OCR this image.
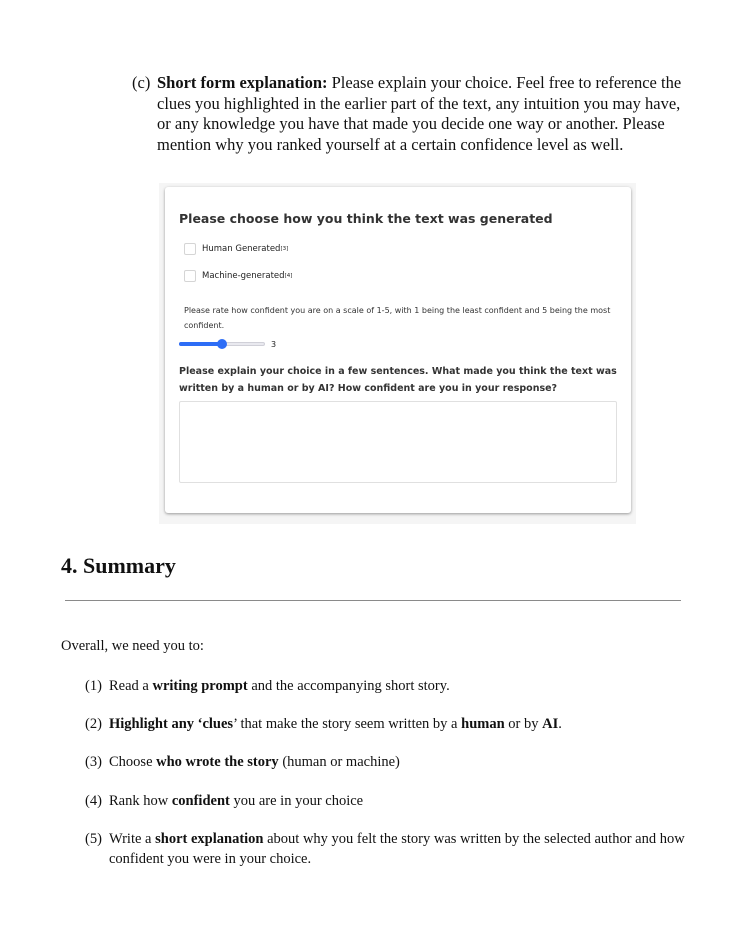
(c) Short form explanation: Please explain your choice. Feel free to reference the clues you highlighted in the earlier part of the text, any intuition you may have, or any knowledge you have that made you decide one way or another. Please mention why you ranked yourself at a certain confidence level as well.
Please choose how you think the text was generated
Human Generated [3]
Machine-generated [4]
Please rate how confident you are on a scale of 1-5, with 1 being the least confident and 5 being the most confident.
3
Please explain your choice in a few sentences. What made you think the text was written by a human or by AI? How confident are you in your response?
4. Summary
Overall, we need you to:
(1) Read a writing prompt and the accompanying short story.
(2) Highlight any ‘clues’ that make the story seem written by a human or by AI.
(3) Choose who wrote the story (human or machine)
(4) Rank how confident you are in your choice
(5) Write a short explanation about why you felt the story was written by the selected author and how confident you were in your choice.
